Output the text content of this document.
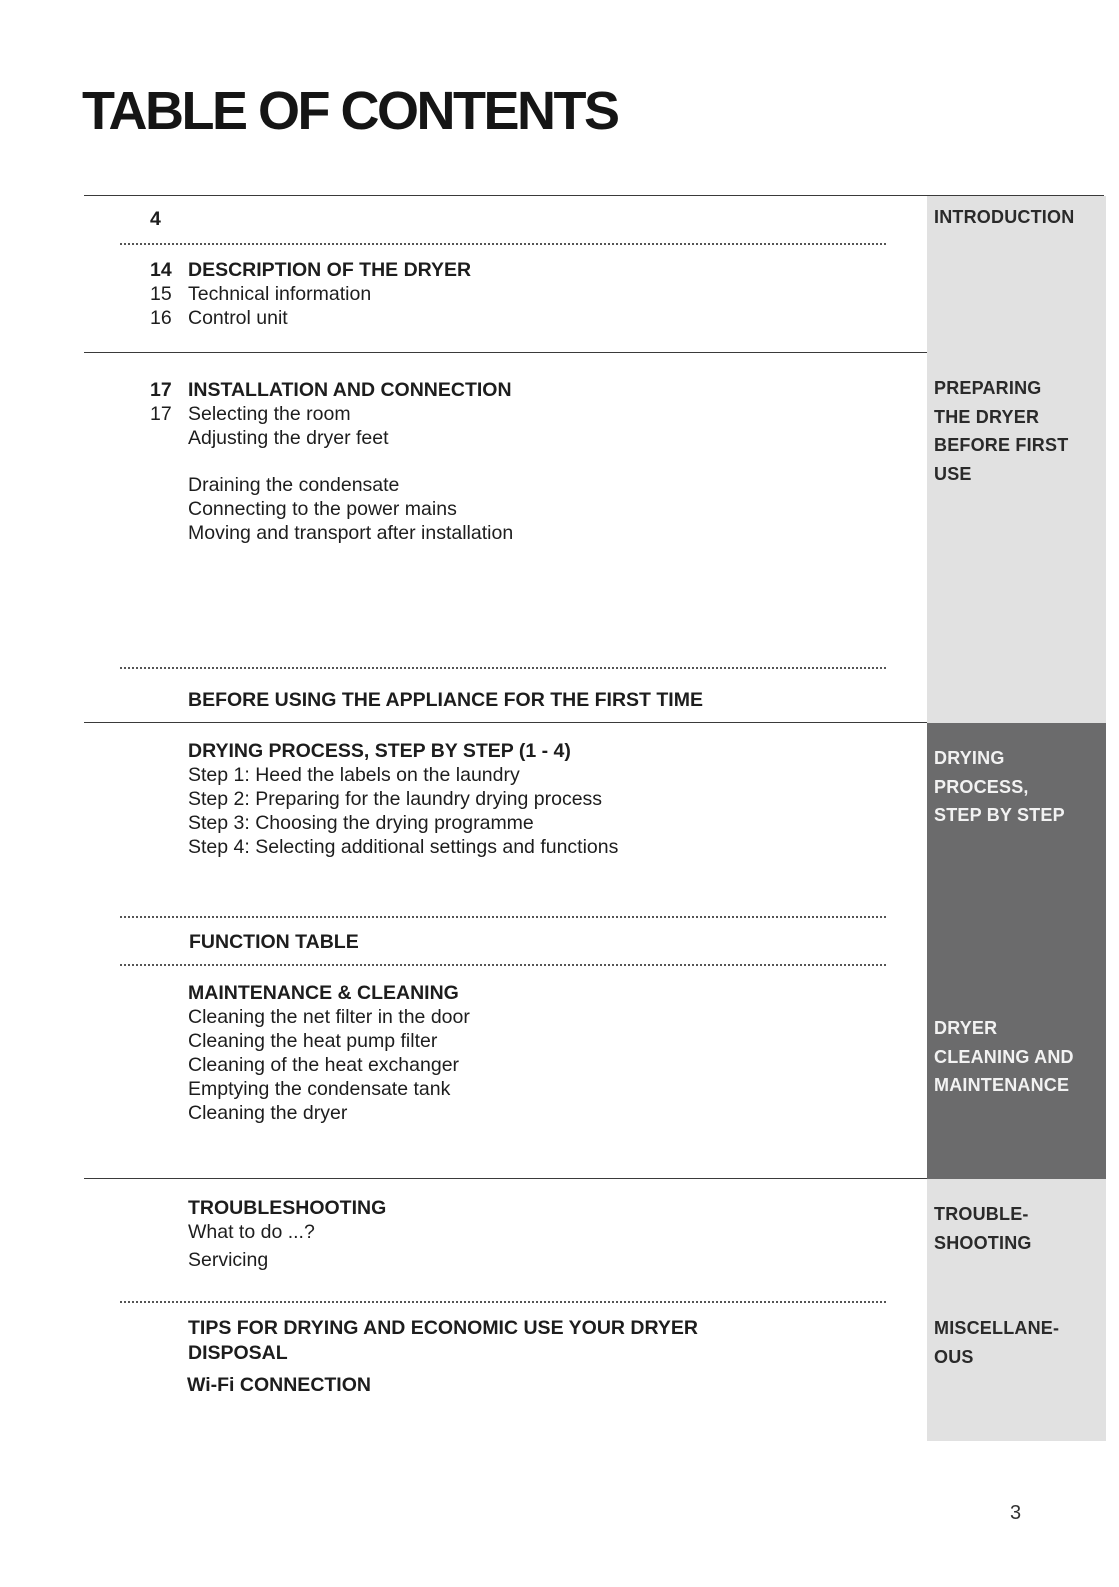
TABLE OF CONTENTS
INTRODUCTION
PREPARING
THE DRYER
BEFORE FIRST
USE
DRYING
PROCESS,
STEP BY STEP
DRYER
CLEANING AND
MAINTENANCE
TROUBLE-
SHOOTING
MISCELLANE-
OUS
4
14 DESCRIPTION OF THE DRYER
15 Technical information
16 Control unit
17 INSTALLATION AND CONNECTION
17 Selecting the room
Adjusting the dryer feet
Draining the condensate
Connecting to the power mains
Moving and transport after installation
BEFORE USING THE APPLIANCE FOR THE FIRST TIME
DRYING PROCESS, STEP BY STEP (1 - 4)
Step 1: Heed the labels on the laundry
Step 2: Preparing for the laundry drying process
Step 3: Choosing the drying programme
Step 4: Selecting additional settings and functions
FUNCTION TABLE
MAINTENANCE & CLEANING
Cleaning the net filter in the door
Cleaning the heat pump filter
Cleaning of the heat exchanger
Emptying the condensate tank
Cleaning the dryer
TROUBLESHOOTING
What to do ...?
Servicing
TIPS FOR DRYING AND ECONOMIC USE YOUR DRYER
DISPOSAL
Wi-Fi CONNECTION
3
